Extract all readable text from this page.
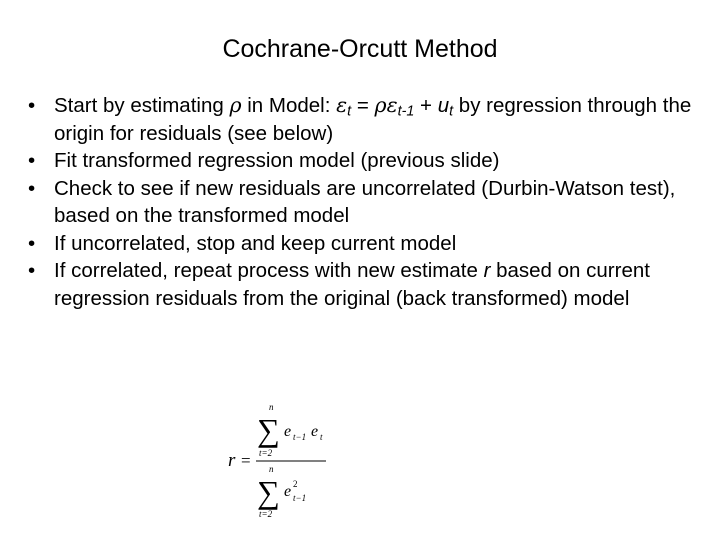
Cochrane-Orcutt Method
• Start by estimating ρ in Model: $\varepsilon_t = \rho\varepsilon_{t-1} + u_t$ by regression through the origin for residuals (see below)
• Fit transformed regression model (previous slide)
• Check to see if new residuals are uncorrelated (Durbin-Watson test), based on the transformed model
• If uncorrelated, stop and keep current model
• If correlated, repeat process with new estimate r based on current regression residuals from the original (back transformed) model
r =
n
∑
t=2
e t−1 e t
n
∑
t=2
e 2
t−1
